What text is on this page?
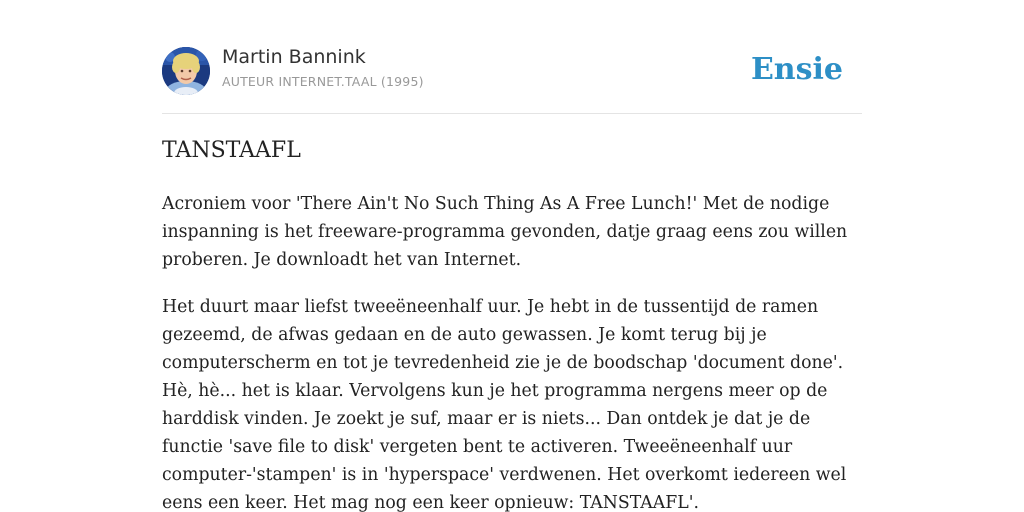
Martin Bannink
AUTEUR INTERNET.TAAL (1995)	Ensie
TANSTAAFL

Acroniem voor 'There Ain't No Such Thing As A Free Lunch!' Met de nodige inspanning is het freeware-programma gevonden, datje graag eens zou willen proberen. Je downloadt het van Internet.

Het duurt maar liefst tweeëneenhalf uur. Je hebt in de tussentijd de ramen gezeemd, de afwas gedaan en de auto gewassen. Je komt terug bij je computerscherm en tot je tevredenheid zie je de boodschap 'document done'. Hè, hè... het is klaar. Vervolgens kun je het programma nergens meer op de harddisk vinden. Je zoekt je suf, maar er is niets... Dan ontdek je dat je de functie 'save file to disk' vergeten bent te activeren. Tweeëneenhalf uur computer-'stampen' is in 'hyperspace' verdwenen. Het overkomt iedereen wel eens een keer. Het mag nog een keer opnieuw: TANSTAAFL'.
